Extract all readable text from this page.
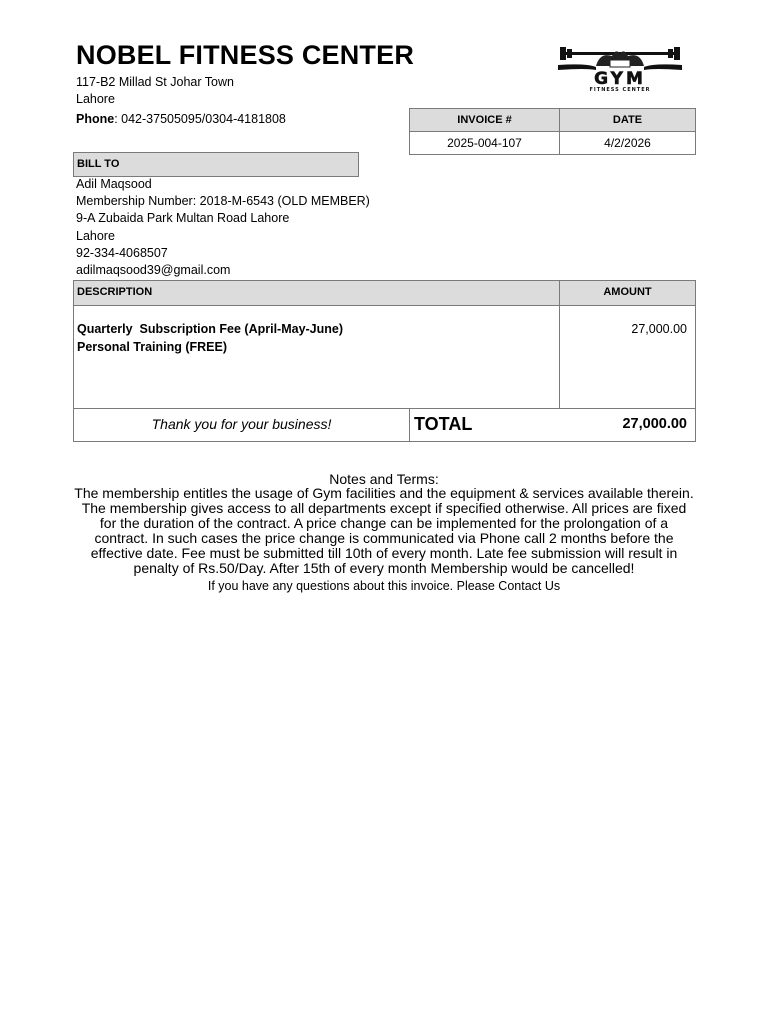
NOBEL FITNESS CENTER
117-B2 Millad St Johar Town
Lahore
Phone: 042-37505095/0304-4181808
GYM
FITNESS CENTER
INVOICE #	DATE
2025-004-107	4/2/2026
BILL TO
Adil Maqsood
Membership Number: 2018-M-6543 (OLD MEMBER)
9-A Zubaida Park Multan Road Lahore
Lahore
92-334-4068507
adilmaqsood39@gmail.com
DESCRIPTION	AMOUNT
Quarterly  Subscription Fee (April-May-June)
Personal Training (FREE)
27,000.00
Thank you for your business!	TOTAL	27,000.00
Notes and Terms:
The membership entitles the usage of Gym facilities and the equipment & services available therein. The membership gives access to all departments except if specified otherwise. All prices are fixed for the duration of the contract. A price change can be implemented for the prolongation of a contract. In such cases the price change is communicated via Phone call 2 months before the effective date. Fee must be submitted till 10th of every month. Late fee submission will result in penalty of Rs.50/Day. After 15th of every month Membership would be cancelled!
If you have any questions about this invoice. Please Contact Us
